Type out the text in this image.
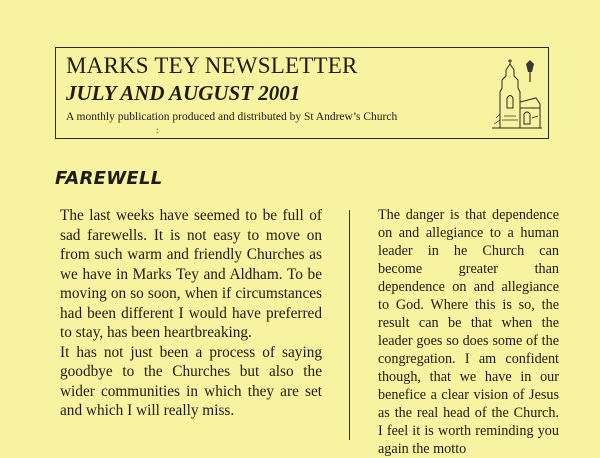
MARKS TEY NEWSLETTER
JULY AND AUGUST 2001
A monthly publication produced and distributed by St Andrew’s Church
:
FAREWELL

The last weeks have seemed to be full of sad farewells. It is not easy to move on from such warm and friendly Churches as we have in Marks Tey and Aldham. To be moving on so soon, when if circumstances had been different I would have preferred to stay, has been heartbreaking.

It has not just been a process of saying goodbye to the Churches but also the wider communities in which they are set and which I will really miss.

The danger is that dependence on and allegiance to a human leader in he Church can become greater than dependence on and allegiance to God. Where this is so, the result can be that when the leader goes so does some of the congregation. I am confident though, that we have in our benefice a clear vision of Jesus as the real head of the Church. I feel it is worth reminding you again the motto
